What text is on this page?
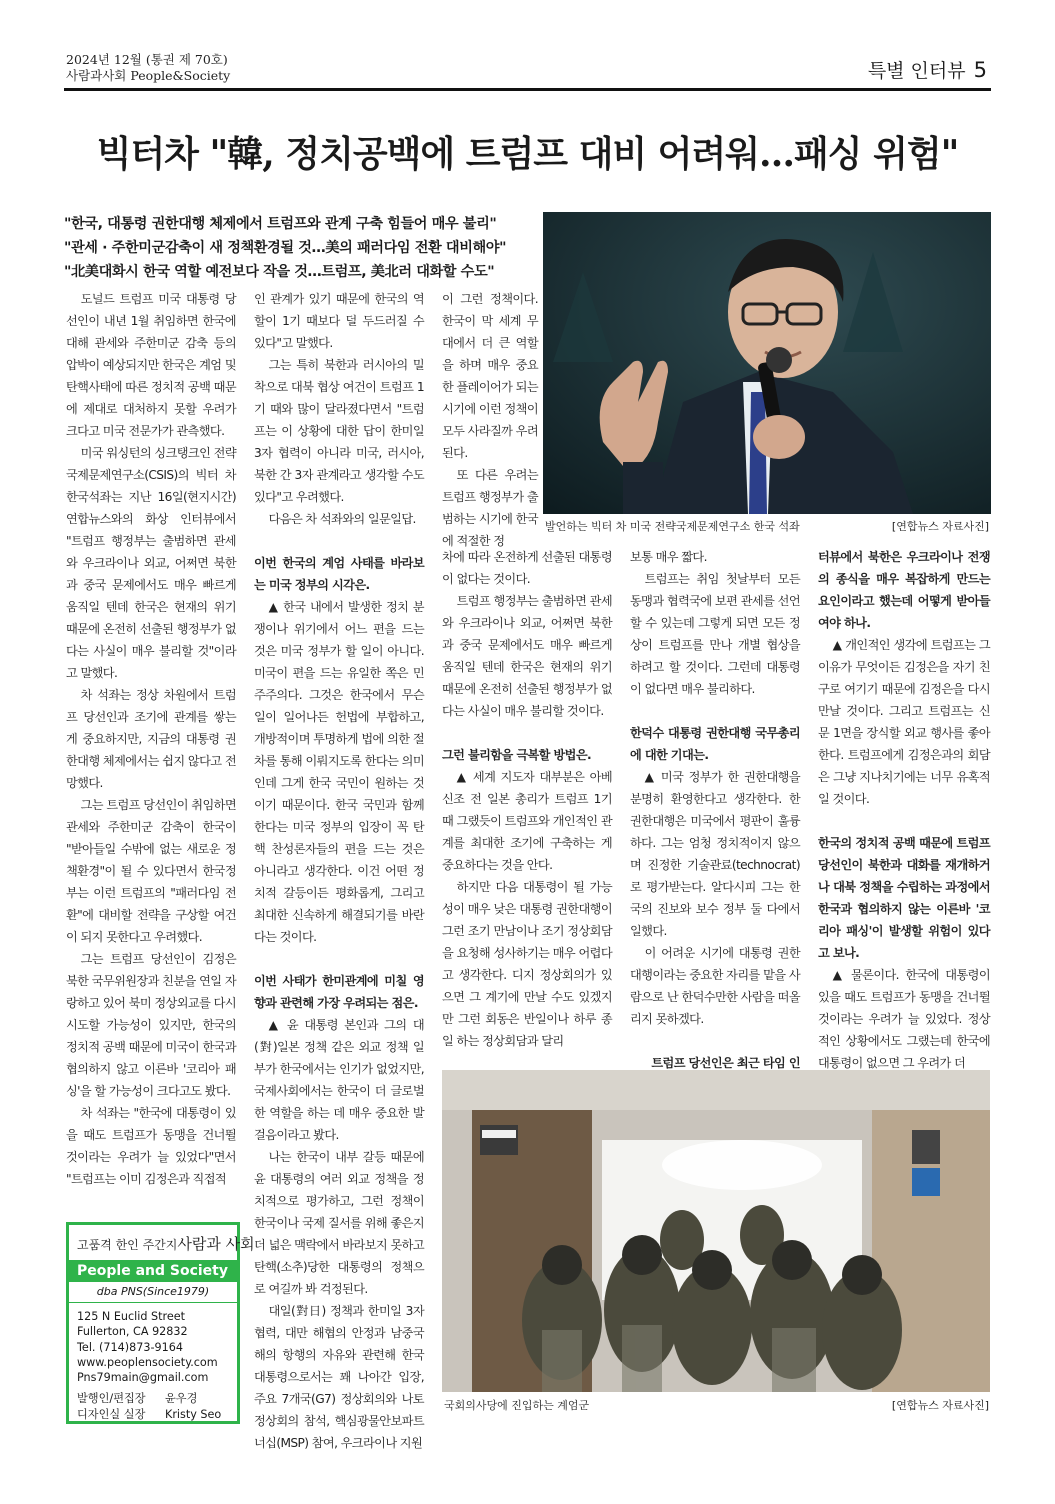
2024년 12월 (통권 제 70호)
사람과사회 People&Society	특별 인터뷰 5
빅터차 "韓, 정치공백에 트럼프 대비 어려워…패싱 위험"
"한국, 대통령 권한대행 체제에서 트럼프와 관계 구축 힘들어 매우 불리"
"관세 · 주한미군감축이 새 정책환경될 것…美의 패러다임 전환 대비해야"
"北美대화시 한국 역할 예전보다 작을 것…트럼프, 美北러 대화할 수도"
발언하는 빅터 차 미국 전략국제문제연구소 한국 석좌	[연합뉴스 자료사진]

도널드 트럼프 미국 대통령 당선인이 내년 1월 취임하면 한국에 대해 관세와 주한미군 감축 등의 압박이 예상되지만 한국은 계엄 및 탄핵사태에 따른 정치적 공백 때문에 제대로 대처하지 못할 우려가 크다고 미국 전문가가 관측했다.

미국 워싱턴의 싱크탱크인 전략국제문제연구소(CSIS)의 빅터 차 한국석좌는 지난 16일(현지시간) 연합뉴스와의 화상 인터뷰에서 "트럼프 행정부는 출범하면 관세와 우크라이나 외교, 어쩌면 북한과 중국 문제에서도 매우 빠르게 움직일 텐데 한국은 현재의 위기 때문에 온전히 선출된 행정부가 없다는 사실이 매우 불리할 것"이라고 말했다.

차 석좌는 정상 차원에서 트럼프 당선인과 조기에 관계를 쌓는 게 중요하지만, 지금의 대통령 권한대행 체제에서는 쉽지 않다고 전망했다.

그는 트럼프 당선인이 취임하면 관세와 주한미군 감축이 한국이 "받아들일 수밖에 없는 새로운 정책환경"이 될 수 있다면서 한국정부는 이런 트럼프의 "패러다임 전환"에 대비할 전략을 구상할 여건이 되지 못한다고 우려했다.

그는 트럼프 당선인이 김정은 북한 국무위원장과 친분을 연일 자랑하고 있어 북미 정상외교를 다시 시도할 가능성이 있지만, 한국의 정치적 공백 때문에 미국이 한국과 협의하지 않고 이른바 '코리아 패싱'을 할 가능성이 크다고도 봤다.

차 석좌는 "한국에 대통령이 있을 때도 트럼프가 동맹을 건너뛸 것이라는 우려가 늘 있었다"면서 "트럼프는 이미 김정은과 직접적

인 관계가 있기 때문에 한국의 역할이 1기 때보다 덜 두드러질 수 있다"고 말했다.

그는 특히 북한과 러시아의 밀착으로 대북 협상 여건이 트럼프 1기 때와 많이 달라졌다면서 "트럼프는 이 상황에 대한 답이 한미일 3자 협력이 아니라 미국, 러시아, 북한 간 3자 관계라고 생각할 수도 있다"고 우려했다.

다음은 차 석좌와의 일문일답.

이번 한국의 계엄 사태를 바라보는 미국 정부의 시각은.

▲ 한국 내에서 발생한 정치 분쟁이나 위기에서 어느 편을 드는 것은 미국 정부가 할 일이 아니다. 미국이 편을 드는 유일한 쪽은 민주주의다. 그것은 한국에서 무슨 일이 일어나든 헌법에 부합하고, 개방적이며 투명하게 법에 의한 절차를 통해 이뤄지도록 한다는 의미인데 그게 한국 국민이 원하는 것이기 때문이다. 한국 국민과 함께한다는 미국 정부의 입장이 꼭 탄핵 찬성론자들의 편을 드는 것은 아니라고 생각한다. 이건 어떤 정치적 갈등이든 평화롭게, 그리고 최대한 신속하게 해결되기를 바란다는 것이다.

이번 사태가 한미관계에 미칠 영향과 관련해 가장 우려되는 점은.

▲ 윤 대통령 본인과 그의 대(對)일본 정책 같은 외교 정책 일부가 한국에서는 인기가 없었지만, 국제사회에서는 한국이 더 글로벌한 역할을 하는 데 매우 중요한 발걸음이라고 봤다.

나는 한국이 내부 갈등 때문에 윤 대통령의 여러 외교 정책을 정치적으로 평가하고, 그런 정책이 한국이나 국제 질서를 위해 좋은지 더 넓은 맥락에서 바라보지 못하고 탄핵(소추)당한 대통령의 정책으로 여길까 봐 걱정된다.

대일(對日) 정책과 한미일 3자 협력, 대만 해협의 안정과 남중국해의 항행의 자유와 관련해 한국 대통령으로서는 꽤 나아간 입장, 주요 7개국(G7) 정상회의와 나토 정상회의 참석, 핵심광물안보파트너십(MSP) 참여, 우크라이나 지원

이 그런 정책이다. 한국이 막 세계 무대에서 더 큰 역할을 하며 매우 중요한 플레이어가 되는 시기에 이런 정책이 모두 사라질까 우려된다.

또 다른 우려는 트럼프 행정부가 출범하는 시기에 한국에 적절한 정

차에 따라 온전하게 선출된 대통령이 없다는 것이다.

트럼프 행정부는 출범하면 관세와 우크라이나 외교, 어쩌면 북한과 중국 문제에서도 매우 빠르게 움직일 텐데 한국은 현재의 위기 때문에 온전히 선출된 행정부가 없다는 사실이 매우 불리할 것이다.

그런 불리함을 극복할 방법은.

▲ 세계 지도자 대부분은 아베 신조 전 일본 총리가 트럼프 1기 때 그랬듯이 트럼프와 개인적인 관계를 최대한 조기에 구축하는 게 중요하다는 것을 안다.

하지만 다음 대통령이 될 가능성이 매우 낮은 대통령 권한대행이 그런 조기 만남이나 조기 정상회담을 요청해 성사하기는 매우 어렵다고 생각한다. 디지 정상회의가 있으면 그 계기에 만날 수도 있겠지만 그런 회동은 반일이나 하루 종일 하는 정상회담과 달리

보통 매우 짧다.

트럼프는 취임 첫날부터 모든 동맹과 협력국에 보편 관세를 선언할 수 있는데 그렇게 되면 모든 정상이 트럼프를 만나 개별 협상을 하려고 할 것이다. 그런데 대통령이 없다면 매우 불리하다.

한덕수 대통령 권한대행 국무총리에 대한 기대는.

▲ 미국 정부가 한 권한대행을 분명히 환영한다고 생각한다. 한 권한대행은 미국에서 평판이 훌륭하다. 그는 엄청 정치적이지 않으며 진정한 기술관료(technocrat)로 평가받는다. 알다시피 그는 한국의 진보와 보수 정부 둘 다에서 일했다.

이 어려운 시기에 대통령 권한대행이라는 중요한 자리를 맡을 사람으로 난 한덕수만한 사람을 떠올리지 못하겠다.

트럼프 당선인은 최근 타임 인

터뷰에서 북한은 우크라이나 전쟁의 종식을 매우 복잡하게 만드는 요인이라고 했는데 어떻게 받아들여야 하나.

▲ 개인적인 생각에 트럼프는 그 이유가 무엇이든 김정은을 자기 친구로 여기기 때문에 김정은을 다시 만날 것이다. 그리고 트럼프는 신문 1면을 장식할 외교 행사를 좋아한다. 트럼프에게 김정은과의 회담은 그냥 지나치기에는 너무 유혹적일 것이다.

한국의 정치적 공백 때문에 트럼프 당선인이 북한과 대화를 재개하거나 대북 정책을 수립하는 과정에서 한국과 협의하지 않는 이른바 '코리아 패싱'이 발생할 위험이 있다고 보나.

▲ 물론이다. 한국에 대통령이 있을 때도 트럼프가 동맹을 건너뛸 것이라는 우려가 늘 있었다. 정상적인 상황에서도 그랬는데 한국에 대통령이 없으면 그 우려가 더

국회의사당에 진입하는 계엄군	[연합뉴스 자료사진]
고품격 한인 주간지사람과 사회
People and Society
dba PNS(Since1979)
125 N Euclid Street
Fullerton, CA 92832
Tel. (714)873-9164
www.peoplensociety.com
Pns79main@gmail.com
발행인/편집장 윤우경
디자인실 실장 Kristy Seo
